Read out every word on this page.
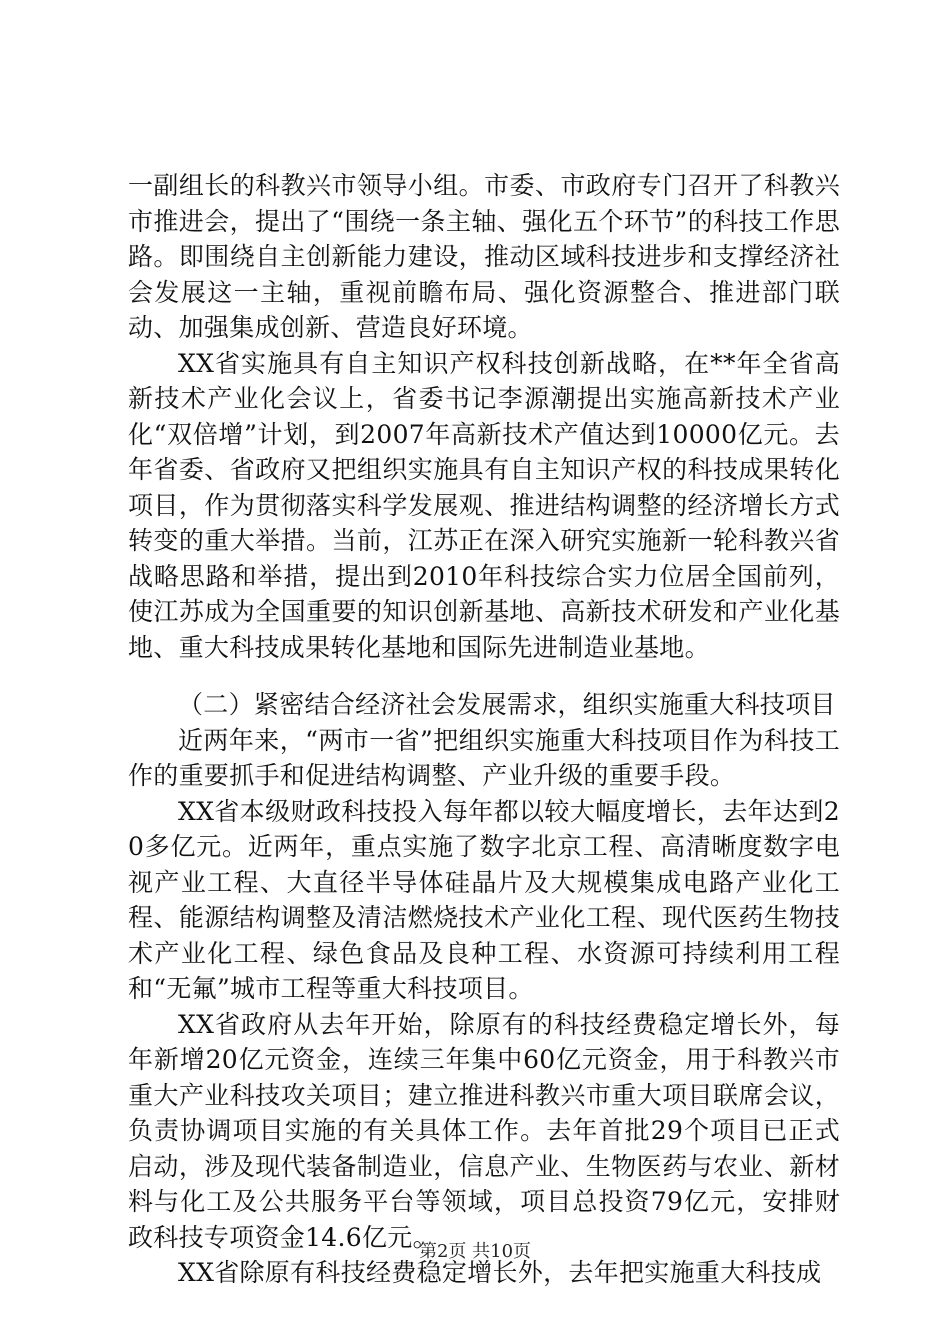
一副组长的科教兴市领导小组。市委、市政府专门召开了科教兴市推进会，提出了“围绕一条主轴、强化五个环节”的科技工作思路。即围绕自主创新能力建设，推动区域科技进步和支撑经济社会发展这一主轴，重视前瞻布局、强化资源整合、推进部门联动、加强集成创新、营造良好环境。

XX省实施具有自主知识产权科技创新战略，在**年全省高新技术产业化会议上，省委书记李源潮提出实施高新技术产业化“双倍增”计划，到2007年高新技术产值达到10000亿元。去年省委、省政府又把组织实施具有自主知识产权的科技成果转化项目，作为贯彻落实科学发展观、推进结构调整的经济增长方式转变的重大举措。当前，江苏正在深入研究实施新一轮科教兴省战略思路和举措，提出到2010年科技综合实力位居全国前列，使江苏成为全国重要的知识创新基地、高新技术研发和产业化基地、重大科技成果转化基地和国际先进制造业基地。

（二）紧密结合经济社会发展需求，组织实施重大科技项目

近两年来，“两市一省”把组织实施重大科技项目作为科技工作的重要抓手和促进结构调整、产业升级的重要手段。

XX省本级财政科技投入每年都以较大幅度增长，去年达到20多亿元。近两年，重点实施了数字北京工程、高清晰度数字电视产业工程、大直径半导体硅晶片及大规模集成电路产业化工程、能源结构调整及清洁燃烧技术产业化工程、现代医药生物技术产业化工程、绿色食品及良种工程、水资源可持续利用工程和“无氟”城市工程等重大科技项目。

XX省政府从去年开始，除原有的科技经费稳定增长外，每年新增20亿元资金，连续三年集中60亿元资金，用于科教兴市重大产业科技攻关项目；建立推进科教兴市重大项目联席会议，负责协调项目实施的有关具体工作。去年首批29个项目已正式启动，涉及现代装备制造业，信息产业、生物医药与农业、新材料与化工及公共服务平台等领域，项目总投资79亿元，安排财政科技专项资金14.6亿元。

XX省除原有科技经费稳定增长外，去年把实施重大科技成

第2页 共10页
